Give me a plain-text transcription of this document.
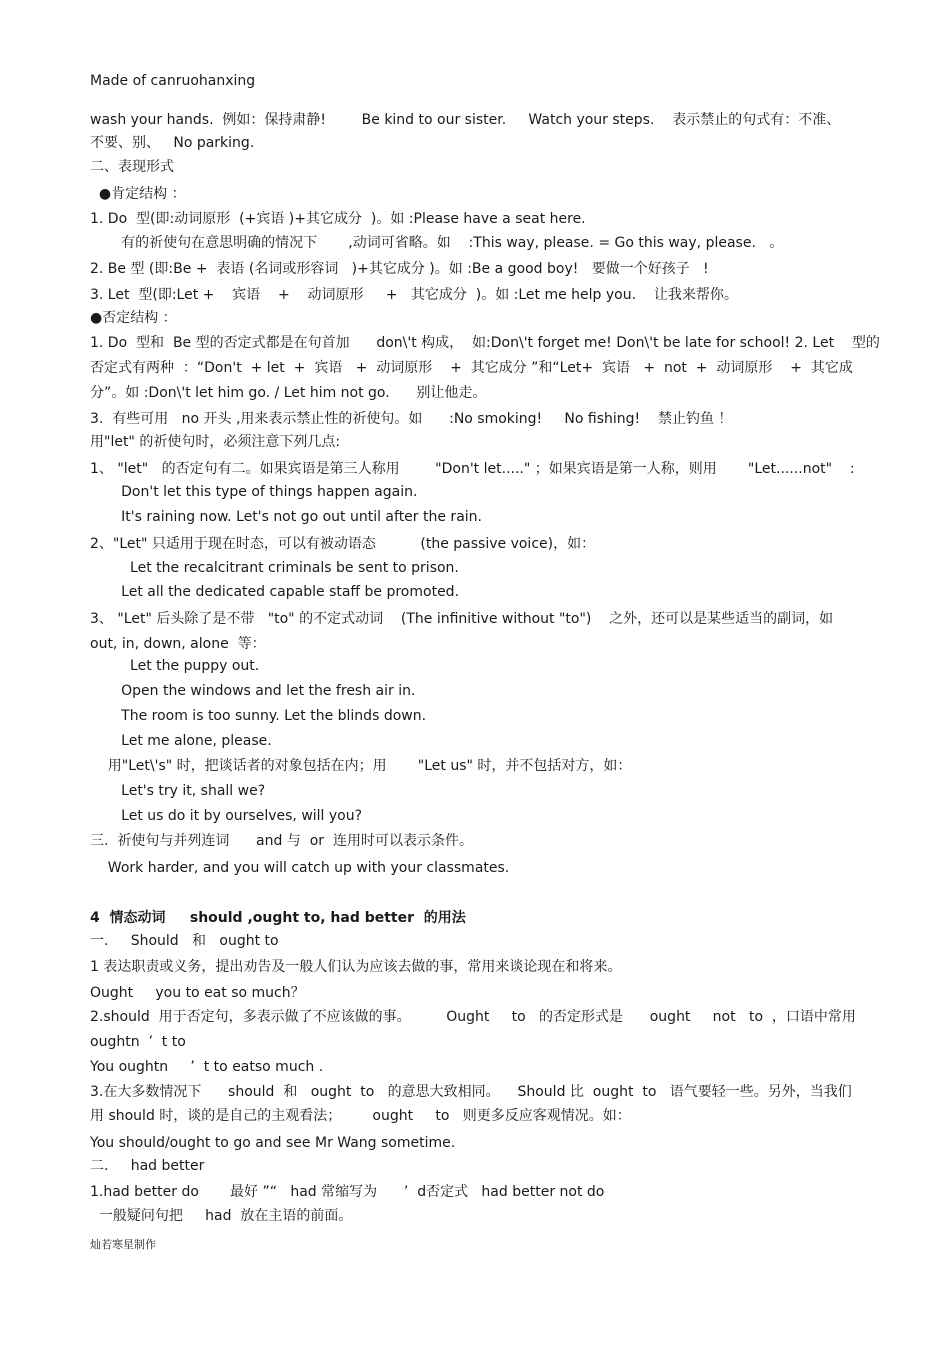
Made of canruohanxing
wash your hands.  例如：保持肃静!        Be kind to our sister.     Watch your steps.    表示禁止的句式有：不准、
不要、别、   No parking.
二、表现形式
●肯定结构 ：
1. Do  型(即:动词原形  (+宾语 )+其它成分  )。如 :Please have a seat here.
有的祈使句在意思明确的情况下       ,动词可省略。如    :This way, please. = Go this way, please.   。
2. Be 型 (即:Be +  表语 (名词或形容词   )+其它成分 )。如 :Be a good boy!   要做一个好孩子   !
3. Let  型(即:Let +    宾语    +    动词原形     +   其它成分  )。如 :Let me help you.    让我来帮你。
●否定结构 ：
1. Do  型和  Be 型的否定式都是在句首加      don\'t 构成，  如:Don\'t forget me! Don\'t be late for school! 2. Let    型的
否定式有两种  ：“Don't  + let  +  宾语   +  动词原形    +  其它成分 ”和“Let+  宾语   +  not  +  动词原形    +  其它成
分”。如 :Don\'t let him go. / Let him not go.      别让他走。
3.  有些可用   no 开头 ,用来表示禁止性的祈使句。如      :No smoking!     No fishing!    禁止钓鱼 ！
用"let" 的祈使句时，必须注意下列几点:
1、 "let"   的否定句有二。如果宾语是第三人称用        "Don't let....." ；如果宾语是第一人称，则用       "Let......not"    :
Don't let this type of things happen again.
It's raining now. Let's not go out until after the rain.
2、"Let" 只适用于现在时态，可以有被动语态          (the passive voice)，如：
Let the recalcitrant criminals be sent to prison.
Let all the dedicated capable staff be promoted.
3、 "Let" 后头除了是不带   "to" 的不定式动词    (The infinitive without "to")    之外，还可以是某些适当的副词，如
out, in, down, alone  等：
Let the puppy out.
Open the windows and let the fresh air in.
The room is too sunny. Let the blinds down.
Let me alone, please.
用"Let\'s" 时，把谈话者的对象包括在内；用       "Let us" 时，并不包括对方，如：
Let's try it, shall we?
Let us do it by ourselves, will you?
三.  祈使句与并列连词      and 与  or  连用时可以表示条件。
Work harder, and you will catch up with your classmates.
4  情态动词     should ,ought to, had better  的用法
一.     Should   和   ought to
1 表达职责或义务，提出劝告及一般人们认为应该去做的事，常用来谈论现在和将来。
Ought     you to eat so much？
2.should  用于否定句，多表示做了不应该做的事。        Ought     to   的否定形式是      ought     not   to  ，口语中常用
oughtn  ’  t to
You oughtn     ’  t to eatso much .
3.在大多数情况下      should  和   ought  to   的意思大致相同。    Should 比  ought  to   语气要轻一些。另外，当我们
用 should 时，谈的是自己的主观看法；       ought     to   则更多反应客观情况。如：
You should/ought to go and see Mr Wang sometime.
二.     had better
1.had better do       最好 ”“   had 常缩写为      ’  d否定式   had better not do
一般疑问句把     had  放在主语的前面。
灿若寒星制作
